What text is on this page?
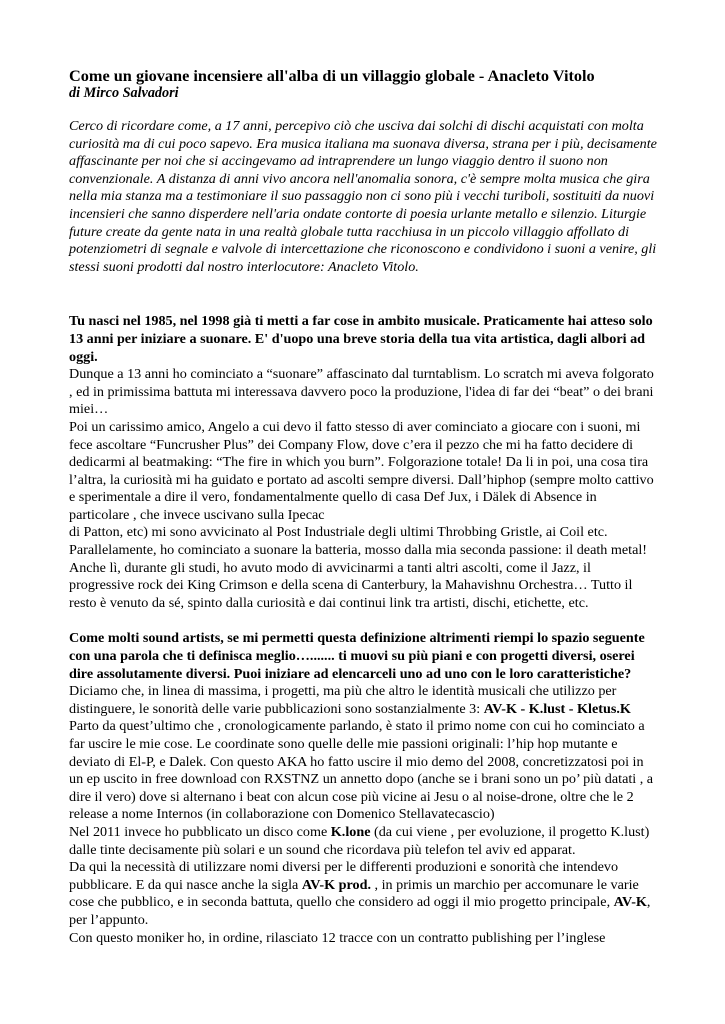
Come un giovane incensiere all'alba di un villaggio globale - Anacleto Vitolo
di Mirco Salvadori

Cerco di ricordare come, a 17 anni, percepivo ciò che usciva dai solchi di dischi acquistati con molta curiosità ma di cui poco sapevo. Era musica italiana ma suonava diversa, strana per i più, decisamente affascinante per noi che si accingevamo ad intraprendere un lungo viaggio dentro il suono non convenzionale. A distanza di anni vivo ancora nell'anomalia sonora, c'è sempre molta musica che gira nella mia stanza ma a testimoniare il suo passaggio non ci sono più i vecchi turiboli, sostituiti da nuovi incensieri che sanno disperdere nell'aria ondate contorte di poesia urlante metallo e silenzio. Liturgie future create da gente nata in una realtà globale tutta racchiusa in un piccolo villaggio affollato di potenziometri di segnale e valvole di intercettazione che riconoscono e condividono i suoni a venire, gli stessi suoni prodotti dal nostro interlocutore: Anacleto Vitolo.

Tu nasci nel 1985, nel 1998 già ti metti a far cose in ambito musicale. Praticamente hai atteso solo 13 anni per iniziare a suonare. E' d'uopo una breve storia della tua vita artistica, dagli albori ad oggi.

Dunque a 13 anni ho cominciato a “suonare” affascinato dal turntablism. Lo scratch mi aveva folgorato , ed in primissima battuta mi interessava davvero poco la produzione, l'idea di far dei “beat” o dei brani miei…

Poi un carissimo amico, Angelo a cui devo il fatto stesso di aver cominciato a giocare con i suoni, mi fece ascoltare “Funcrusher Plus” dei Company Flow, dove c’era il pezzo che mi ha fatto decidere di dedicarmi al beatmaking: “The fire in which you burn”. Folgorazione totale! Da li in poi, una cosa tira l’altra, la curiosità mi ha guidato e portato ad ascolti sempre diversi. Dall’hiphop (sempre molto cattivo e sperimentale a dire il vero, fondamentalmente quello di casa Def Jux, i Dälek di Absence in particolare , che invece uscivano sulla Ipecac

di Patton, etc) mi sono avvicinato al Post Industriale degli ultimi Throbbing Gristle, ai Coil etc. Parallelamente, ho cominciato a suonare la batteria, mosso dalla mia seconda passione: il death metal! Anche lì, durante gli studi, ho avuto modo di avvicinarmi a tanti altri ascolti, come il Jazz, il progressive rock dei King Crimson e della scena di Canterbury, la Mahavishnu Orchestra… Tutto il resto è venuto da sé, spinto dalla curiosità e dai continui link tra artisti, dischi, etichette, etc.

Come molti sound artists, se mi permetti questa definizione altrimenti riempi lo spazio seguente con una parola che ti definisca meglio…....... ti muovi su più piani e con progetti diversi, oserei dire assolutamente diversi. Puoi iniziare ad elencarceli uno ad uno con le loro caratteristiche?

Diciamo che, in linea di massima, i progetti, ma più che altro le identità musicali che utilizzo per distinguere, le sonorità delle varie pubblicazioni sono sostanzialmente 3: AV-K - K.lust - Kletus.K

Parto da quest’ultimo che , cronologicamente parlando, è stato il primo nome con cui ho cominciato a far uscire le mie cose. Le coordinate sono quelle delle mie passioni originali: l’hip hop mutante e deviato di El-P, e Dalek. Con questo AKA ho fatto uscire il mio demo del 2008, concretizzatosi poi in un ep uscito in free download con RXSTNZ un annetto dopo (anche se i brani sono un po’ più datati , a dire il vero) dove si alternano i beat con alcun cose più vicine ai Jesu o al noise-drone, oltre che le 2 release a nome Internos (in collaborazione con Domenico Stellavatecascio)

Nel 2011 invece ho pubblicato un disco come K.lone (da cui viene , per evoluzione, il progetto K.lust) dalle tinte decisamente più solari e un sound che ricordava più telefon tel aviv ed apparat.

Da qui la necessità di utilizzare nomi diversi per le differenti produzioni e sonorità che intendevo pubblicare. E da qui nasce anche la sigla AV-K prod. , in primis un marchio per accomunare le varie cose che pubblico, e in seconda battuta, quello che considero ad oggi il mio progetto principale, AV-K, per l’appunto.

Con questo moniker ho, in ordine, rilasciato 12 tracce con un contratto publishing per l’inglese
